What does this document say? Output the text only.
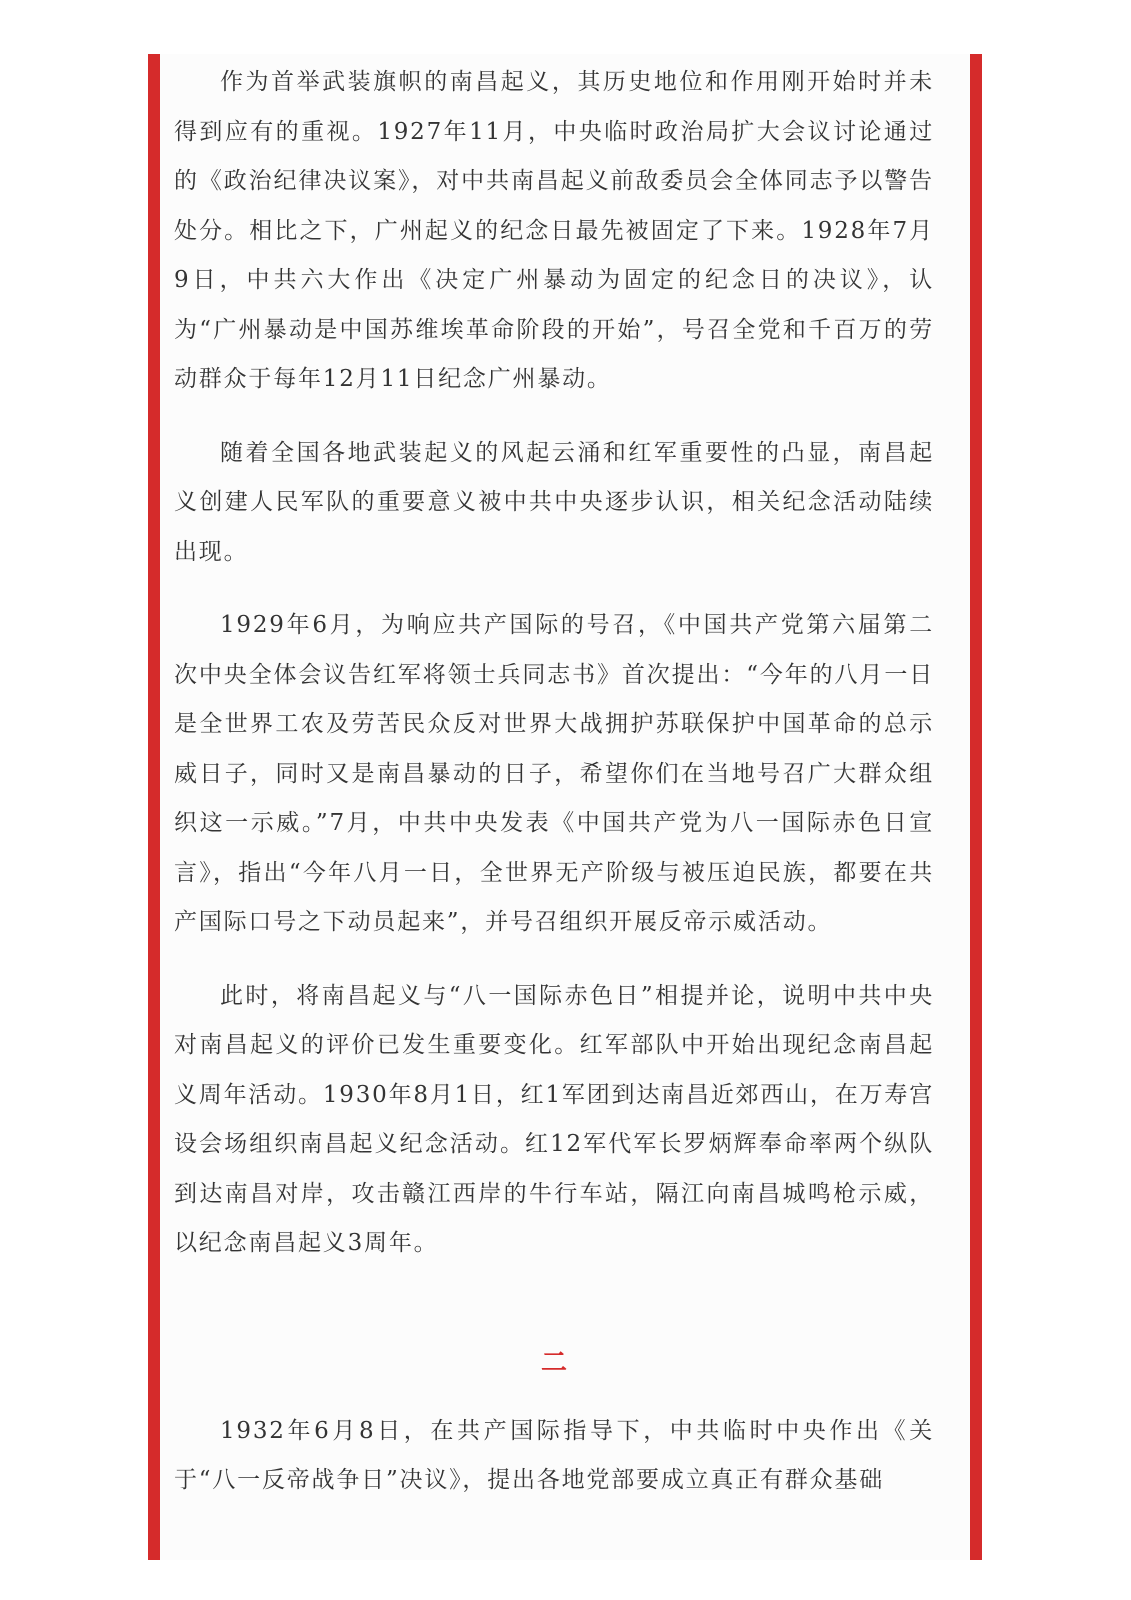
作为首举武装旗帜的南昌起义，其历史地位和作用刚开始时并未得到应有的重视。1927年11月，中央临时政治局扩大会议讨论通过的《政治纪律决议案》，对中共南昌起义前敌委员会全体同志予以警告处分。相比之下，广州起义的纪念日最先被固定了下来。1928年7月9日，中共六大作出《决定广州暴动为固定的纪念日的决议》，认为“广州暴动是中国苏维埃革命阶段的开始”，号召全党和千百万的劳动群众于每年12月11日纪念广州暴动。

随着全国各地武装起义的风起云涌和红军重要性的凸显，南昌起义创建人民军队的重要意义被中共中央逐步认识，相关纪念活动陆续出现。

1929年6月，为响应共产国际的号召，《中国共产党第六届第二次中央全体会议告红军将领士兵同志书》首次提出：“今年的八月一日是全世界工农及劳苦民众反对世界大战拥护苏联保护中国革命的总示威日子，同时又是南昌暴动的日子，希望你们在当地号召广大群众组织这一示威。”7月，中共中央发表《中国共产党为八一国际赤色日宣言》，指出“今年八月一日，全世界无产阶级与被压迫民族，都要在共产国际口号之下动员起来”，并号召组织开展反帝示威活动。

此时，将南昌起义与“八一国际赤色日”相提并论，说明中共中央对南昌起义的评价已发生重要变化。红军部队中开始出现纪念南昌起义周年活动。1930年8月1日，红1军团到达南昌近郊西山，在万寿宫设会场组织南昌起义纪念活动。红12军代军长罗炳辉奉命率两个纵队到达南昌对岸，攻击赣江西岸的牛行车站，隔江向南昌城鸣枪示威，以纪念南昌起义3周年。

二

1932年6月8日，在共产国际指导下，中共临时中央作出《关于“八一反帝战争日”决议》，提出各地党部要成立真正有群众基础
